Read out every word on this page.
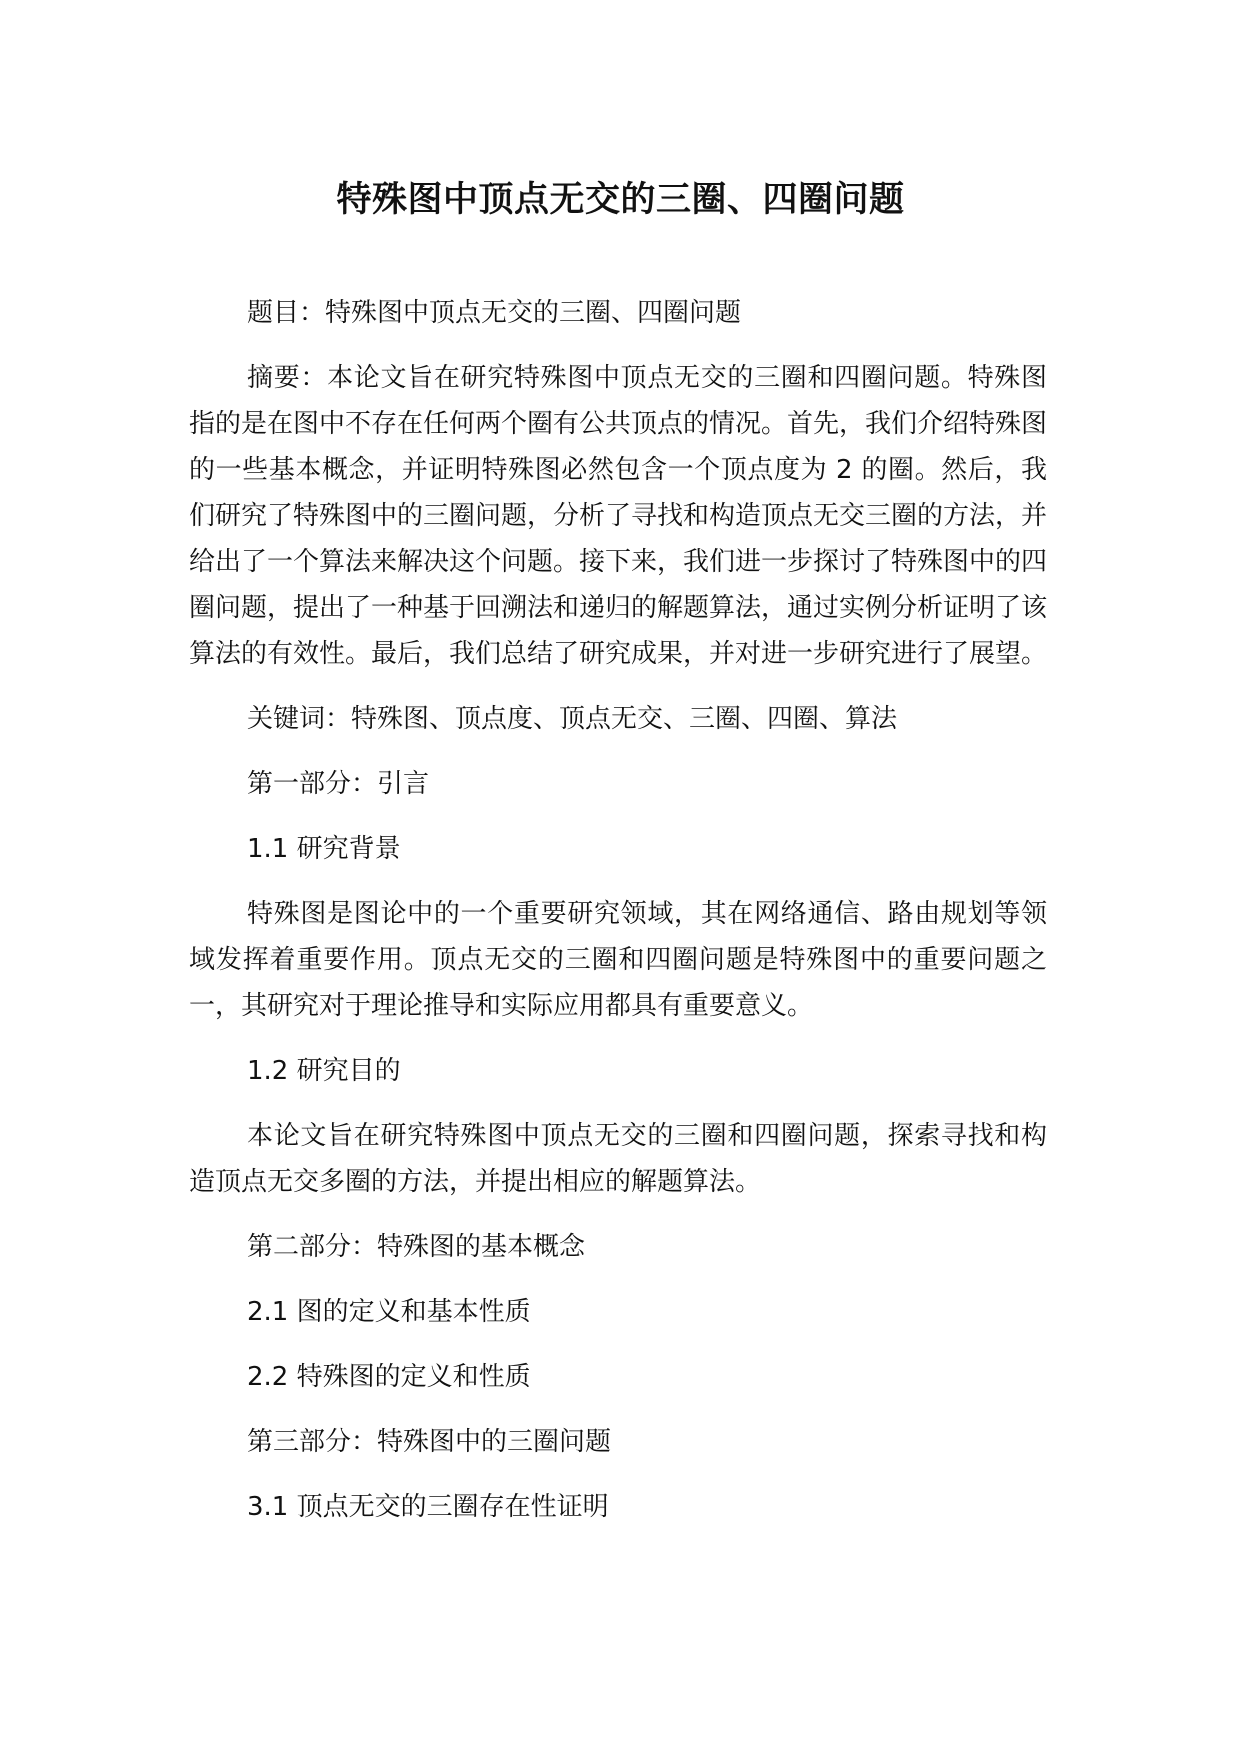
特殊图中顶点无交的三圈、四圈问题

题目：特殊图中顶点无交的三圈、四圈问题

摘要：本论文旨在研究特殊图中顶点无交的三圈和四圈问题。特殊图指的是在图中不存在任何两个圈有公共顶点的情况。首先，我们介绍特殊图的一些基本概念，并证明特殊图必然包含一个顶点度为 2 的圈。然后，我们研究了特殊图中的三圈问题，分析了寻找和构造顶点无交三圈的方法，并给出了一个算法来解决这个问题。接下来，我们进一步探讨了特殊图中的四圈问题，提出了一种基于回溯法和递归的解题算法，通过实例分析证明了该算法的有效性。最后，我们总结了研究成果，并对进一步研究进行了展望。

关键词：特殊图、顶点度、顶点无交、三圈、四圈、算法

第一部分：引言

1.1 研究背景

特殊图是图论中的一个重要研究领域，其在网络通信、路由规划等领域发挥着重要作用。顶点无交的三圈和四圈问题是特殊图中的重要问题之一，其研究对于理论推导和实际应用都具有重要意义。

1.2 研究目的

本论文旨在研究特殊图中顶点无交的三圈和四圈问题，探索寻找和构造顶点无交多圈的方法，并提出相应的解题算法。

第二部分：特殊图的基本概念

2.1 图的定义和基本性质

2.2 特殊图的定义和性质

第三部分：特殊图中的三圈问题

3.1 顶点无交的三圈存在性证明
